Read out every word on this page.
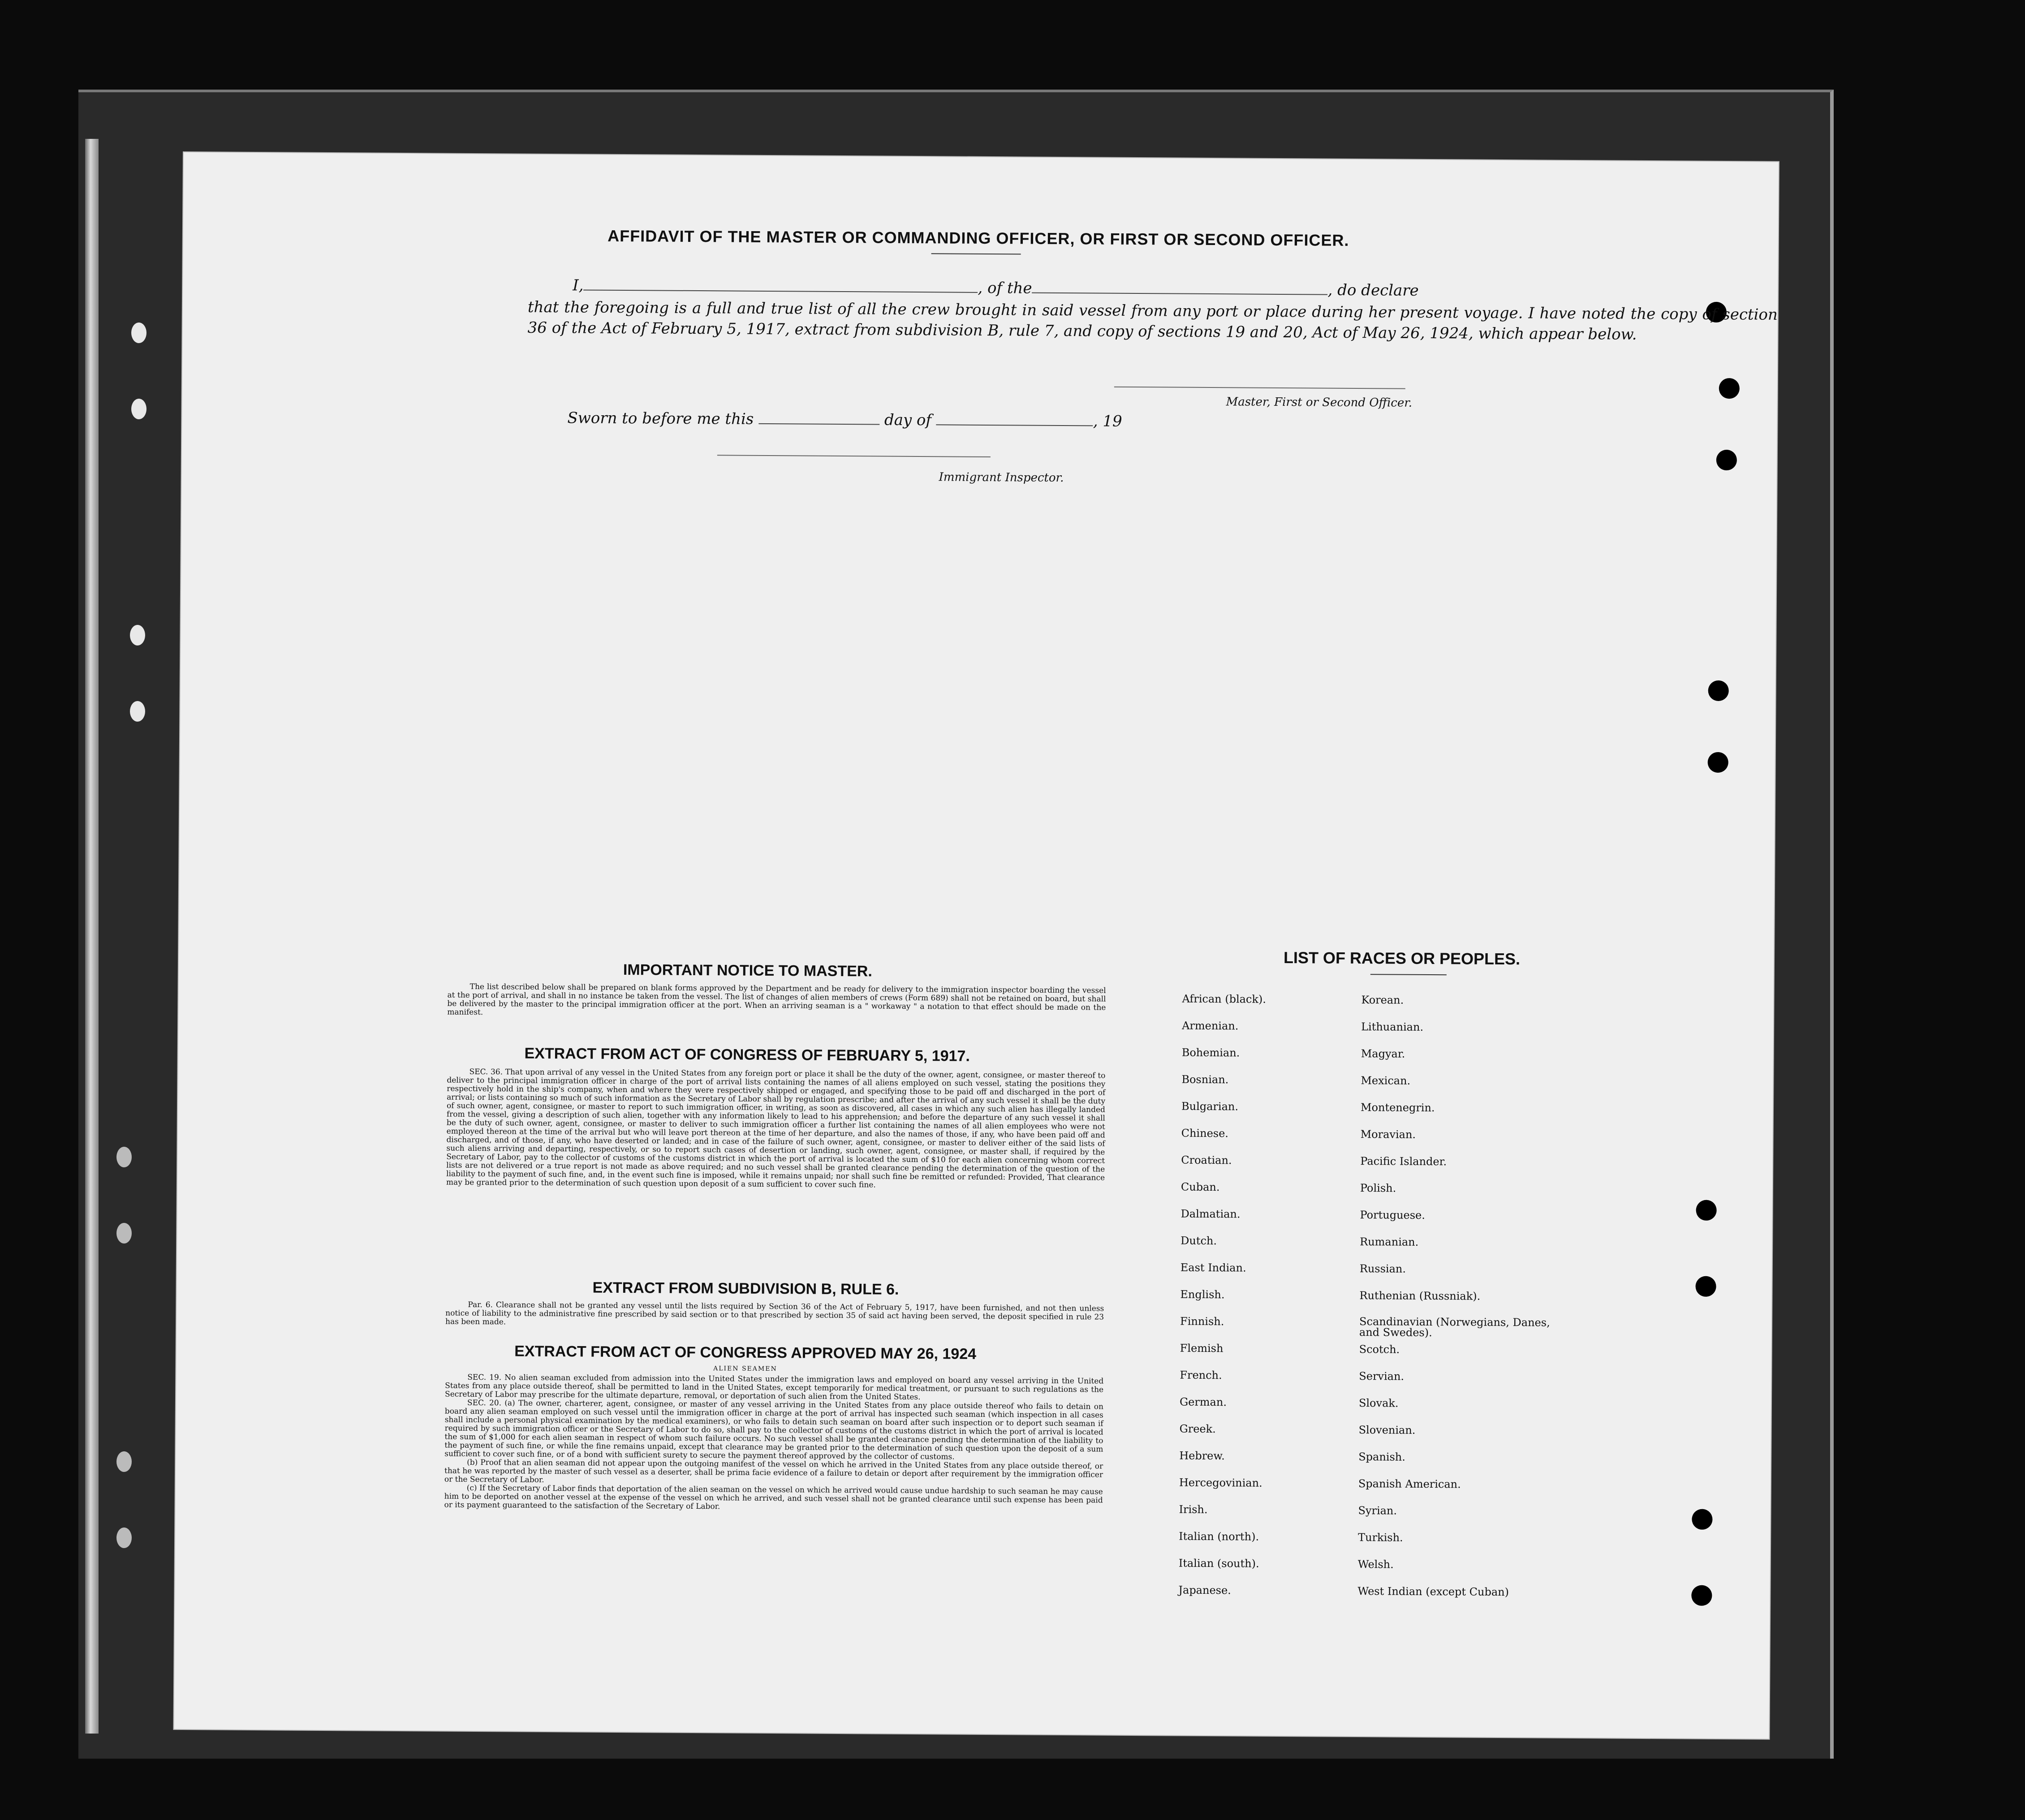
AFFIDAVIT OF THE MASTER OR COMMANDING OFFICER, OR FIRST OR SECOND OFFICER.
I,	, of the	, do declare
that the foregoing is a full and true list of all the crew brought in said vessel from any port or place during her present voyage. I have noted the copy of section 36 of the Act of February 5, 1917, extract from subdivision B, rule 7, and copy of sections 19 and 20, Act of May 26, 1924, which appear below.
Master, First or Second Officer.
Sworn to before me this	day of	, 19
Immigrant Inspector.
IMPORTANT NOTICE TO MASTER.

The list described below shall be prepared on blank forms approved by the Department and be ready for delivery to the immigration inspector boarding the vessel at the port of arrival, and shall in no instance be taken from the vessel. The list of changes of alien members of crews (Form 689) shall not be retained on board, but shall be delivered by the master to the principal immigration officer at the port. When an arriving seaman is a " workaway " a notation to that effect should be made on the manifest.

EXTRACT FROM ACT OF CONGRESS OF FEBRUARY 5, 1917.

SEC. 36. That upon arrival of any vessel in the United States from any foreign port or place it shall be the duty of the owner, agent, consignee, or master thereof to deliver to the principal immigration officer in charge of the port of arrival lists containing the names of all aliens employed on such vessel, stating the positions they respectively hold in the ship's company, when and where they were respectively shipped or engaged, and specifying those to be paid off and discharged in the port of arrival; or lists containing so much of such information as the Secretary of Labor shall by regulation prescribe; and after the arrival of any such vessel it shall be the duty of such owner, agent, consignee, or master to report to such immigration officer, in writing, as soon as discovered, all cases in which any such alien has illegally landed from the vessel, giving a description of such alien, together with any information likely to lead to his apprehension; and before the departure of any such vessel it shall be the duty of such owner, agent, consignee, or master to deliver to such immigration officer a further list containing the names of all alien employees who were not employed thereon at the time of the arrival but who will leave port thereon at the time of her departure, and also the names of those, if any, who have been paid off and discharged, and of those, if any, who have deserted or landed; and in case of the failure of such owner, agent, consignee, or master to deliver either of the said lists of such aliens arriving and departing, respectively, or so to report such cases of desertion or landing, such owner, agent, consignee, or master shall, if required by the Secretary of Labor, pay to the collector of customs of the customs district in which the port of arrival is located the sum of $10 for each alien concerning whom correct lists are not delivered or a true report is not made as above required; and no such vessel shall be granted clearance pending the determination of the question of the liability to the payment of such fine, and, in the event such fine is imposed, while it remains unpaid; nor shall such fine be remitted or refunded: Provided, That clearance may be granted prior to the determination of such question upon deposit of a sum sufficient to cover such fine.

EXTRACT FROM SUBDIVISION B, RULE 6.

Par. 6. Clearance shall not be granted any vessel until the lists required by Section 36 of the Act of February 5, 1917, have been furnished, and not then unless notice of liability to the administrative fine prescribed by said section or to that prescribed by section 35 of said act having been served, the deposit specified in rule 23 has been made.

EXTRACT FROM ACT OF CONGRESS APPROVED MAY 26, 1924
ALIEN SEAMEN

SEC. 19. No alien seaman excluded from admission into the United States under the immigration laws and employed on board any vessel arriving in the United States from any place outside thereof, shall be permitted to land in the United States, except temporarily for medical treatment, or pursuant to such regulations as the Secretary of Labor may prescribe for the ultimate departure, removal, or deportation of such alien from the United States.

SEC. 20. (a) The owner, charterer, agent, consignee, or master of any vessel arriving in the United States from any place outside thereof who fails to detain on board any alien seaman employed on such vessel until the immigration officer in charge at the port of arrival has inspected such seaman (which inspection in all cases shall include a personal physical examination by the medical examiners), or who fails to detain such seaman on board after such inspection or to deport such seaman if required by such immigration officer or the Secretary of Labor to do so, shall pay to the collector of customs of the customs district in which the port of arrival is located the sum of $1,000 for each alien seaman in respect of whom such failure occurs. No such vessel shall be granted clearance pending the determination of the liability to the payment of such fine, or while the fine remains unpaid, except that clearance may be granted prior to the determination of such question upon the deposit of a sum sufficient to cover such fine, or of a bond with sufficient surety to secure the payment thereof approved by the collector of customs.

(b) Proof that an alien seaman did not appear upon the outgoing manifest of the vessel on which he arrived in the United States from any place outside thereof, or that he was reported by the master of such vessel as a deserter, shall be prima facie evidence of a failure to detain or deport after requirement by the immigration officer or the Secretary of Labor.

(c) If the Secretary of Labor finds that deportation of the alien seaman on the vessel on which he arrived would cause undue hardship to such seaman he may cause him to be deported on another vessel at the expense of the vessel on which he arrived, and such vessel shall not be granted clearance until such expense has been paid or its payment guaranteed to the satisfaction of the Secretary of Labor.

LIST OF RACES OR PEOPLES.
African (black).
Armenian.
Bohemian.
Bosnian.
Bulgarian.
Chinese.
Croatian.
Cuban.
Dalmatian.
Dutch.
East Indian.
English.
Finnish.
Flemish
French.
German.
Greek.
Hebrew.
Hercegovinian.
Irish.
Italian (north).
Italian (south).
Japanese.
Korean.
Lithuanian.
Magyar.
Mexican.
Montenegrin.
Moravian.
Pacific Islander.
Polish.
Portuguese.
Rumanian.
Russian.
Ruthenian (Russniak).
Scandinavian (Norwegians, Danes, and Swedes).
Scotch.
Servian.
Slovak.
Slovenian.
Spanish.
Spanish American.
Syrian.
Turkish.
Welsh.
West Indian (except Cuban)
